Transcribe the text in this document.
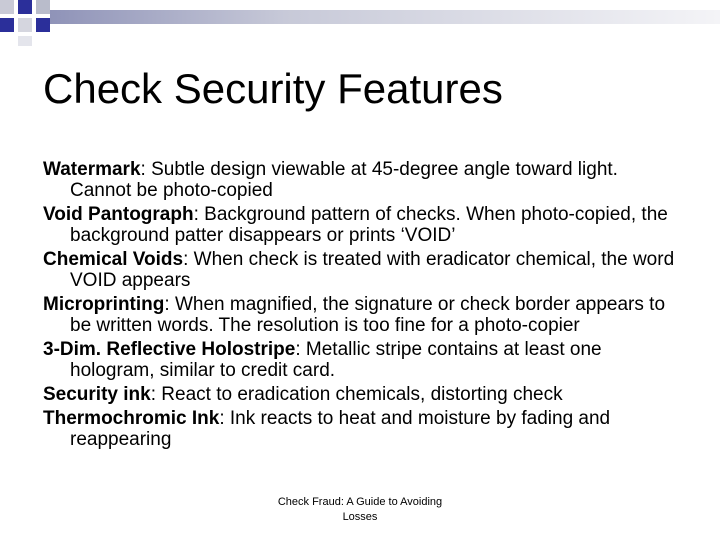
Check Security Features
Watermark: Subtle design viewable at 45-degree angle toward light. Cannot be photo-copied
Void Pantograph: Background pattern of checks. When photo-copied, the background patter disappears or prints ‘VOID’
Chemical Voids: When check is treated with eradicator chemical, the word VOID appears
Microprinting: When magnified, the signature or check border appears to be written words. The resolution is too fine for a photo-copier
3-Dim. Reflective Holostripe: Metallic stripe contains at least one hologram, similar to credit card.
Security ink: React to eradication chemicals, distorting check
Thermochromic Ink: Ink reacts to heat and moisture by fading and reappearing
Check Fraud: A Guide to Avoiding
Losses
